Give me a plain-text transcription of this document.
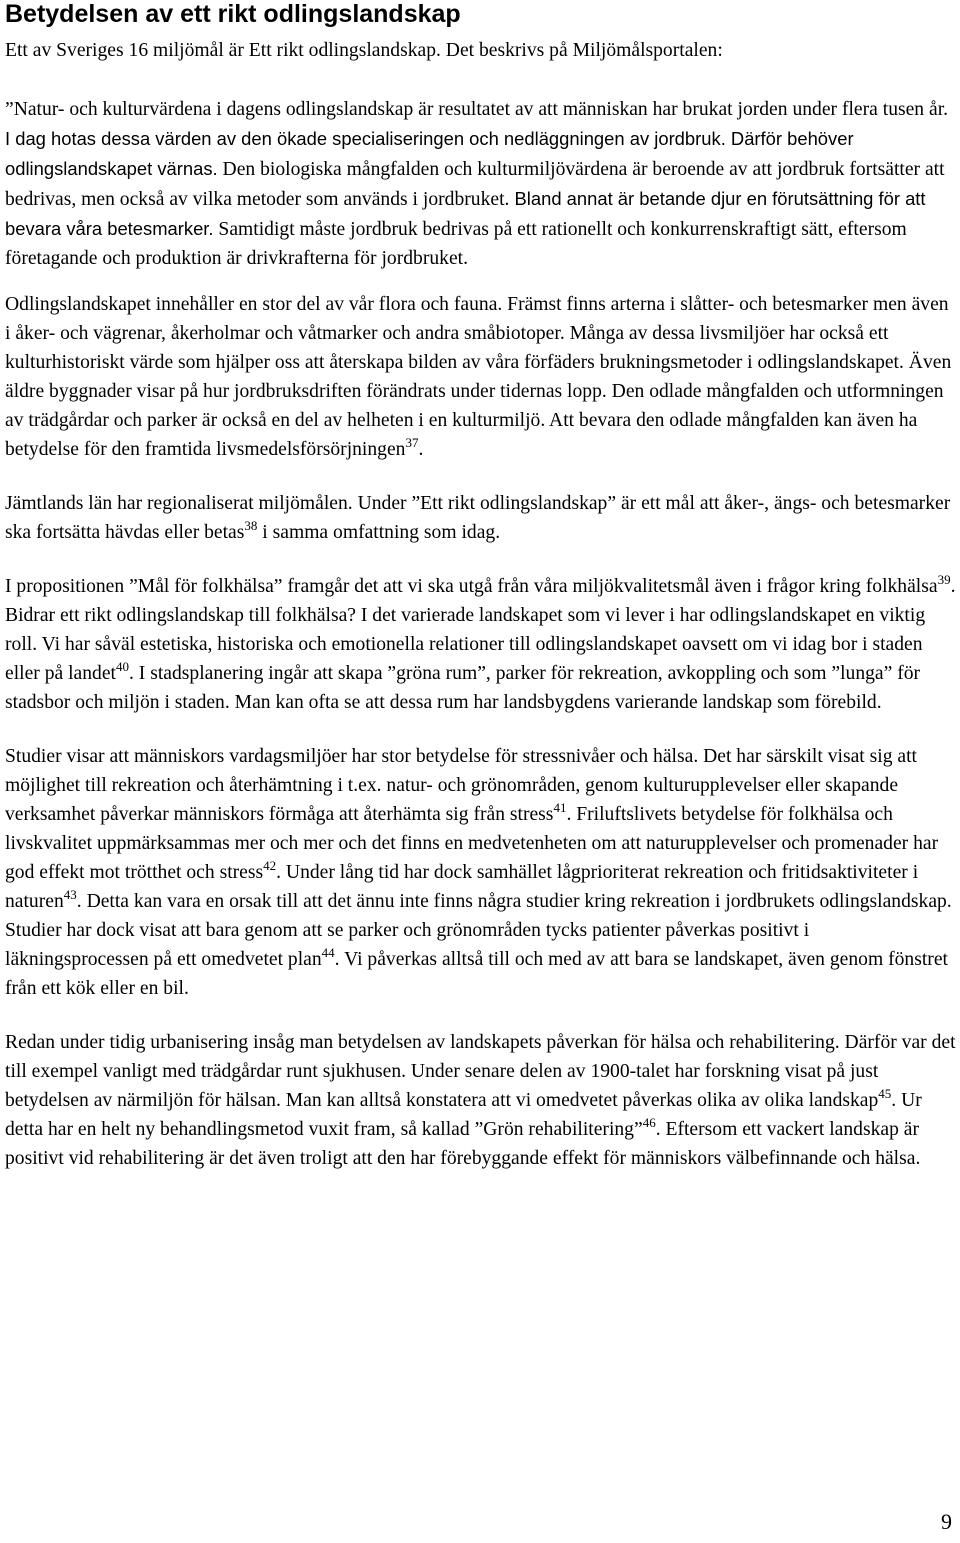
Betydelsen av ett rikt odlingslandskap

Ett av Sveriges 16 miljömål är Ett rikt odlingslandskap. Det beskrivs på Miljömålsportalen:

”Natur- och kulturvärdena i dagens odlingslandskap är resultatet av att människan har brukat jorden under flera tusen år. I dag hotas dessa värden av den ökade specialiseringen och nedläggningen av jordbruk. Därför behöver odlingslandskapet värnas. Den biologiska mångfalden och kulturmiljövärdena är beroende av att jordbruk fortsätter att bedrivas, men också av vilka metoder som används i jordbruket. Bland annat är betande djur en förutsättning för att bevara våra betesmarker. Samtidigt måste jordbruk bedrivas på ett rationellt och konkurrenskraftigt sätt, eftersom företagande och produktion är drivkrafterna för jordbruket.

Odlingslandskapet innehåller en stor del av vår flora och fauna. Främst finns arterna i slåtter- och betesmarker men även i åker- och vägrenar, åkerholmar och våtmarker och andra småbiotoper. Många av dessa livsmiljöer har också ett kulturhistoriskt värde som hjälper oss att återskapa bilden av våra förfäders brukningsmetoder i odlingslandskapet. Även äldre byggnader visar på hur jordbruksdriften förändrats under tidernas lopp. Den odlade mångfalden och utformningen av trädgårdar och parker är också en del av helheten i en kulturmiljö. Att bevara den odlade mångfalden kan även ha betydelse för den framtida livsmedelsförsörjningen$^{37}$.

Jämtlands län har regionaliserat miljömålen. Under ”Ett rikt odlingslandskap” är ett mål att åker-, ängs- och betesmarker ska fortsätta hävdas eller betas$^{38}$ i samma omfattning som idag.

I propositionen ”Mål för folkhälsa” framgår det att vi ska utgå från våra miljökvalitetsmål även i frågor kring folkhälsa$^{39}$. Bidrar ett rikt odlingslandskap till folkhälsa? I det varierade landskapet som vi lever i har odlingslandskapet en viktig roll. Vi har såväl estetiska, historiska och emotionella relationer till odlingslandskapet oavsett om vi idag bor i staden eller på landet$^{40}$. I stadsplanering ingår att skapa ”gröna rum”, parker för rekreation, avkoppling och som ”lunga” för stadsbor och miljön i staden. Man kan ofta se att dessa rum har landsbygdens varierande landskap som förebild.

Studier visar att människors vardagsmiljöer har stor betydelse för stressnivåer och hälsa. Det har särskilt visat sig att möjlighet till rekreation och återhämtning i t.ex. natur- och grönområden, genom kulturupplevelser eller skapande verksamhet påverkar människors förmåga att återhämta sig från stress$^{41}$. Friluftslivets betydelse för folkhälsa och livskvalitet uppmärksammas mer och mer och det finns en medvetenheten om att naturupplevelser och promenader har god effekt mot trötthet och stress$^{42}$. Under lång tid har dock samhället lågprioriterat rekreation och fritidsaktiviteter i naturen$^{43}$. Detta kan vara en orsak till att det ännu inte finns några studier kring rekreation i jordbrukets odlingslandskap. Studier har dock visat att bara genom att se parker och grönområden tycks patienter påverkas positivt i läkningsprocessen på ett omedvetet plan$^{44}$. Vi påverkas alltså till och med av att bara se landskapet, även genom fönstret från ett kök eller en bil.

Redan under tidig urbanisering insåg man betydelsen av landskapets påverkan för hälsa och rehabilitering. Därför var det till exempel vanligt med trädgårdar runt sjukhusen. Under senare delen av 1900-talet har forskning visat på just betydelsen av närmiljön för hälsan. Man kan alltså konstatera att vi omedvetet påverkas olika av olika landskap$^{45}$. Ur detta har en helt ny behandlingsmetod vuxit fram, så kallad ”Grön rehabilitering”$^{46}$. Eftersom ett vackert landskap är positivt vid rehabilitering är det även troligt att den har förebyggande effekt för människors välbefinnande och hälsa.

9
